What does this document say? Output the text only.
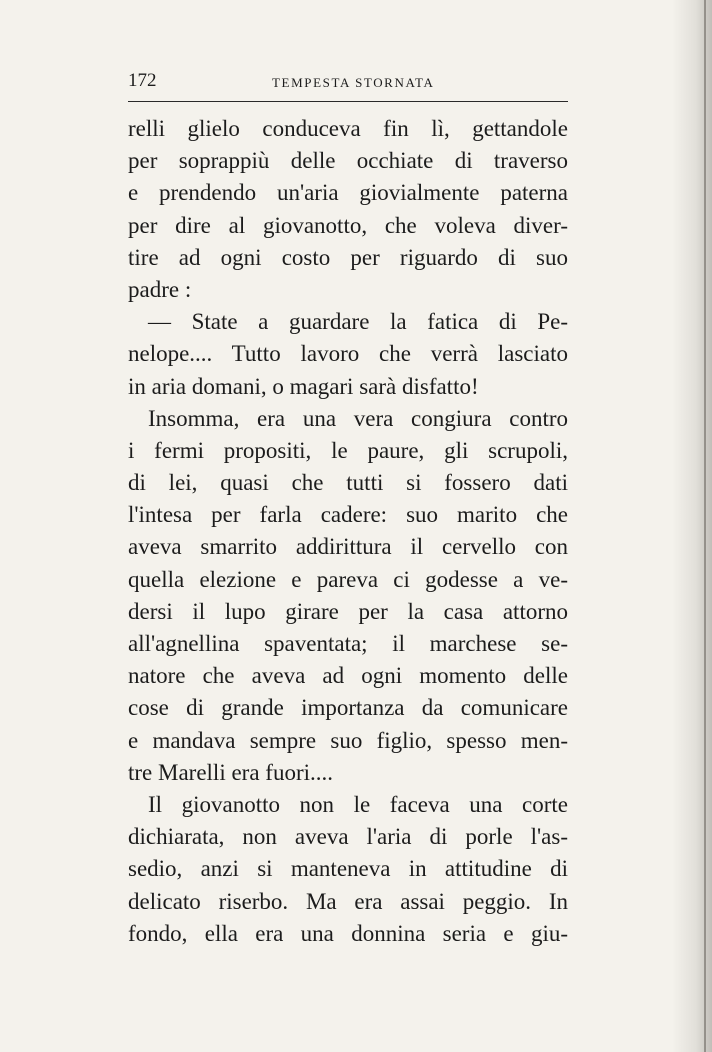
172	TEMPESTA STORNATA
relli glielo conduceva fin lì, gettandole
per soprappiù delle occhiate di traverso
e prendendo un'aria giovialmente paterna
per dire al giovanotto, che voleva diver-
tire ad ogni costo per riguardo di suo
padre :
— State a guardare la fatica di Pe-
nelope.... Tutto lavoro che verrà lasciato
in aria domani, o magari sarà disfatto!
Insomma, era una vera congiura contro
i fermi propositi, le paure, gli scrupoli,
di lei, quasi che tutti si fossero dati
l'intesa per farla cadere: suo marito che
aveva smarrito addirittura il cervello con
quella elezione e pareva ci godesse a ve-
dersi il lupo girare per la casa attorno
all'agnellina spaventata; il marchese se-
natore che aveva ad ogni momento delle
cose di grande importanza da comunicare
e mandava sempre suo figlio, spesso men-
tre Marelli era fuori....
Il giovanotto non le faceva una corte
dichiarata, non aveva l'aria di porle l'as-
sedio, anzi si manteneva in attitudine di
delicato riserbo. Ma era assai peggio. In
fondo, ella era una donnina seria e giu-
